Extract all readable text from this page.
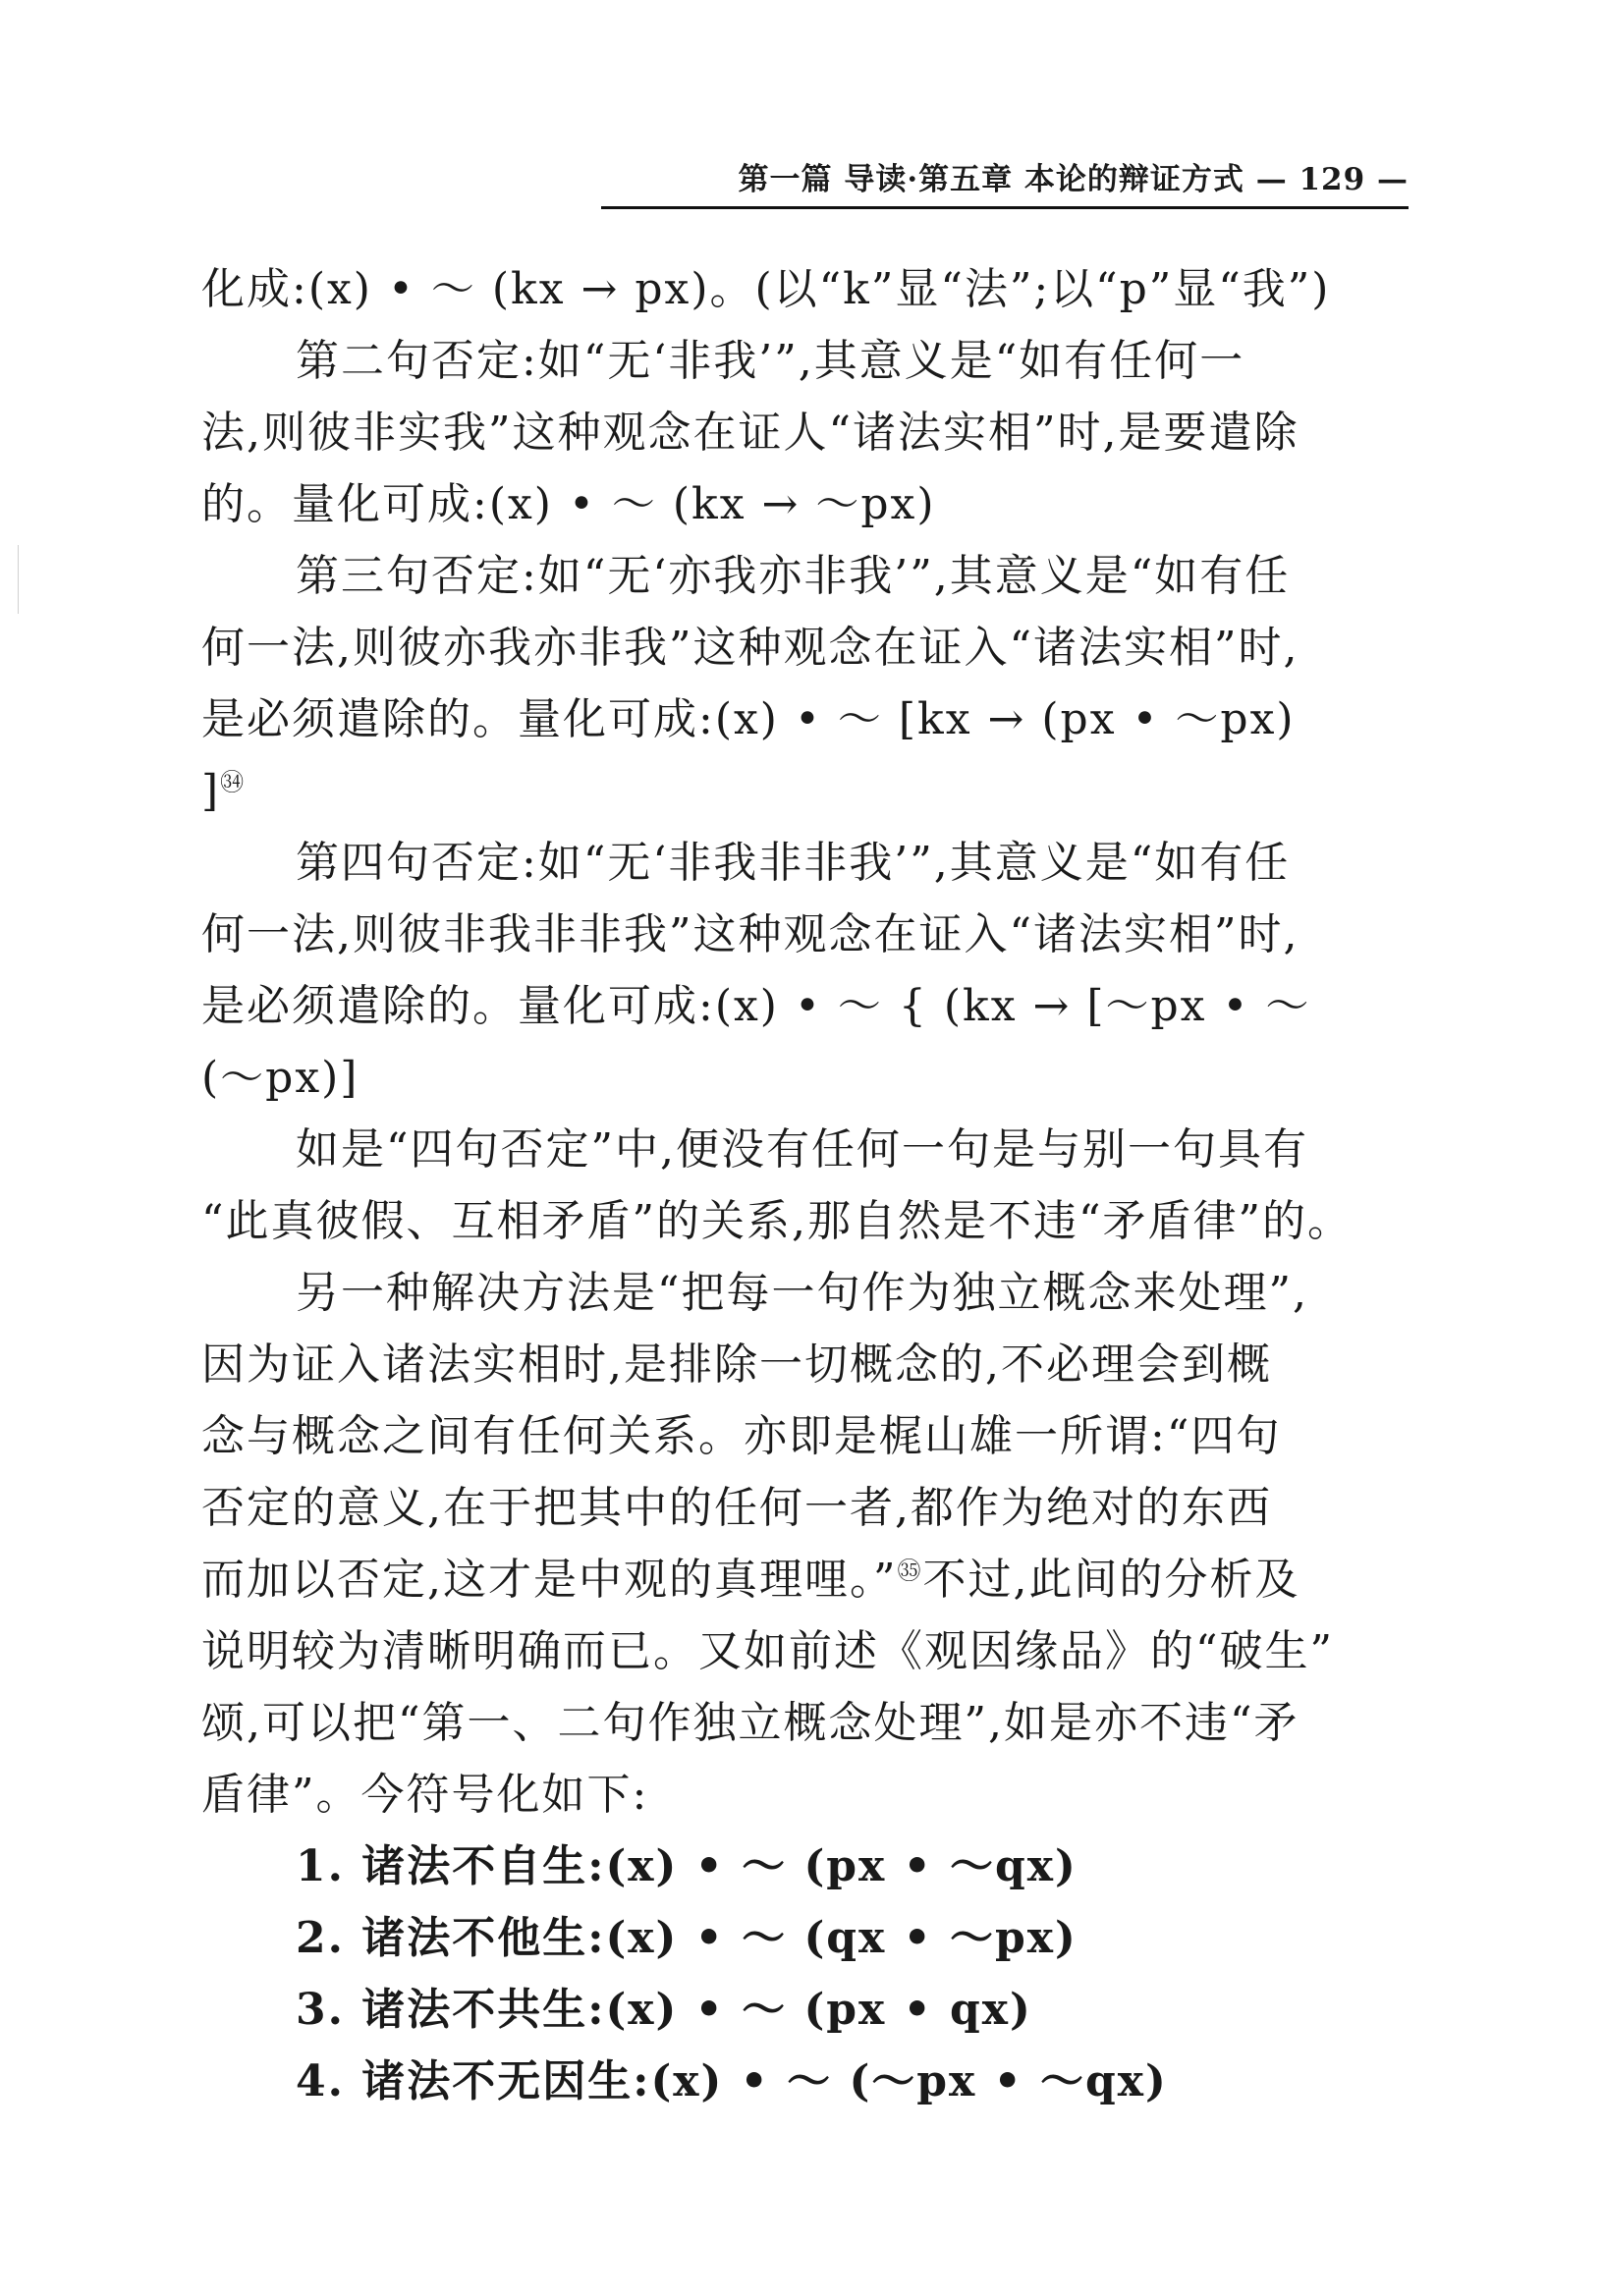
第一篇 导读·第五章 本论的辩证方式 — 129 —
化成:(x) • ～ (kx → px)。(以“k”显“法”;以“p”显“我”)
第二句否定:如“无‘非我’”,其意义是“如有任何一
法,则彼非实我”这种观念在证人“诸法实相”时,是要遣除
的。量化可成:(x) • ～ (kx → ～px)
第三句否定:如“无‘亦我亦非我’”,其意义是“如有任
何一法,则彼亦我亦非我”这种观念在证入“诸法实相”时,
是必须遣除的。量化可成:(x) • ～ [kx → (px • ～px)
]$^㉞$
第四句否定:如“无‘非我非非我’”,其意义是“如有任
何一法,则彼非我非非我”这种观念在证入“诸法实相”时,
是必须遣除的。量化可成:(x) • ～ { (kx → [～px • ～
(～px)]
如是“四句否定”中,便没有任何一句是与别一句具有
“此真彼假、互相矛盾”的关系,那自然是不违“矛盾律”的。
另一种解决方法是“把每一句作为独立概念来处理”,
因为证入诸法实相时,是排除一切概念的,不必理会到概
念与概念之间有任何关系。亦即是梶山雄一所谓:“四句
否定的意义,在于把其中的任何一者,都作为绝对的东西
而加以否定,这才是中观的真理哩。”$^㉟$不过,此间的分析及
说明较为清晰明确而已。又如前述《观因缘品》的“破生”
颂,可以把“第一、二句作独立概念处理”,如是亦不违“矛
盾律”。今符号化如下:
1. 诸法不自生:(x) • ～ (px • ～qx)
2. 诸法不他生:(x) • ～ (qx • ～px)
3. 诸法不共生:(x) • ～ (px • qx)
4. 诸法不无因生:(x) • ～ (～px • ～qx)
